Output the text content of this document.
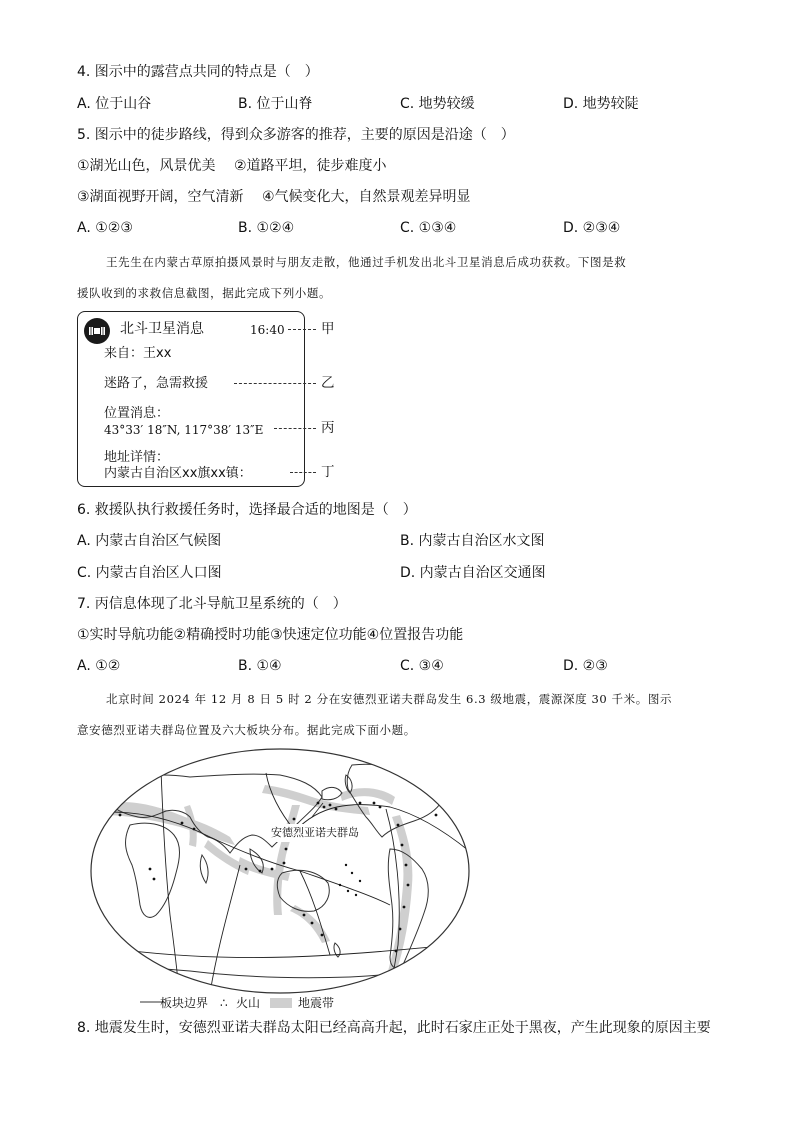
4. 图示中的露营点共同的特点是（　）
A. 位于山谷	B. 位于山脊	C. 地势较缓	D. 地势较陡
5. 图示中的徒步路线，得到众多游客的推荐，主要的原因是沿途（　）
①湖光山色，风景优美　 ②道路平坦，徒步难度小
③湖面视野开阔，空气清新　 ④气候变化大，自然景观差异明显
A. ①②③	B. ①②④	C. ①③④	D. ②③④
王先生在内蒙古草原拍摄风景时与朋友走散，他通过手机发出北斗卫星消息后成功获救。下图是救
援队收到的求救信息截图，据此完成下列小题。
北斗卫星消息	16:40
来自：王xx
迷路了，急需救援
位置消息：
43°33′ 18″N, 117°38′ 13″E
地址详情：
内蒙古自治区xx旗xx镇：
甲
乙
丙
丁
6. 救援队执行救援任务时，选择最合适的地图是（　）
A. 内蒙古自治区气候图	B. 内蒙古自治区水文图
C. 内蒙古自治区人口图	D. 内蒙古自治区交通图
7. 丙信息体现了北斗导航卫星系统的（　）
①实时导航功能②精确授时功能③快速定位功能④位置报告功能
A. ①②	B. ①④	C. ③④	D. ②③
北京时间 2024 年 12 月 8 日 5 时 2 分在安德烈亚诺夫群岛发生 6.3 级地震，震源深度 30 千米。图示
意安德烈亚诺夫群岛位置及六大板块分布。据此完成下面小题。
安德烈亚诺夫群岛
板块边界 ∴ 火山	地震带
8. 地震发生时，安德烈亚诺夫群岛太阳已经高高升起，此时石家庄正处于黑夜，产生此现象的原因主要
